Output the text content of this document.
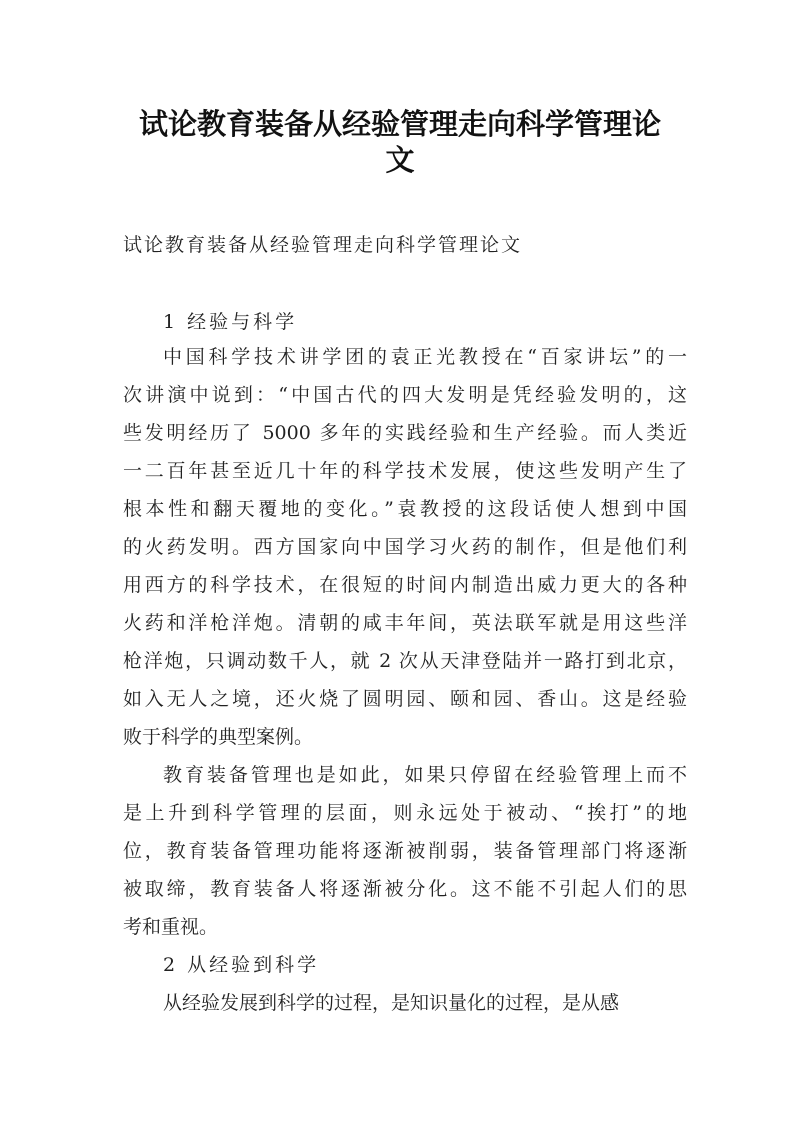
试论教育装备从经验管理走向科学管理论
文
试论教育装备从经验管理走向科学管理论文
1 经验与科学
中国科学技术讲学团的袁正光教授在“百家讲坛”的一
次讲演中说到：“中国古代的四大发明是凭经验发明的，这
些发明经历了 5000 多年的实践经验和生产经验。而人类近
一二百年甚至近几十年的科学技术发展，使这些发明产生了
根本性和翻天覆地的变化。”袁教授的这段话使人想到中国
的火药发明。西方国家向中国学习火药的制作，但是他们利
用西方的科学技术，在很短的时间内制造出威力更大的各种
火药和洋枪洋炮。清朝的咸丰年间，英法联军就是用这些洋
枪洋炮，只调动数千人，就 2 次从天津登陆并一路打到北京，
如入无人之境，还火烧了圆明园、颐和园、香山。这是经验
败于科学的典型案例。
教育装备管理也是如此，如果只停留在经验管理上而不
是上升到科学管理的层面，则永远处于被动、“挨打”的地
位，教育装备管理功能将逐渐被削弱，装备管理部门将逐渐
被取缔，教育装备人将逐渐被分化。这不能不引起人们的思
考和重视。
2 从经验到科学
从经验发展到科学的过程，是知识量化的过程，是从感
